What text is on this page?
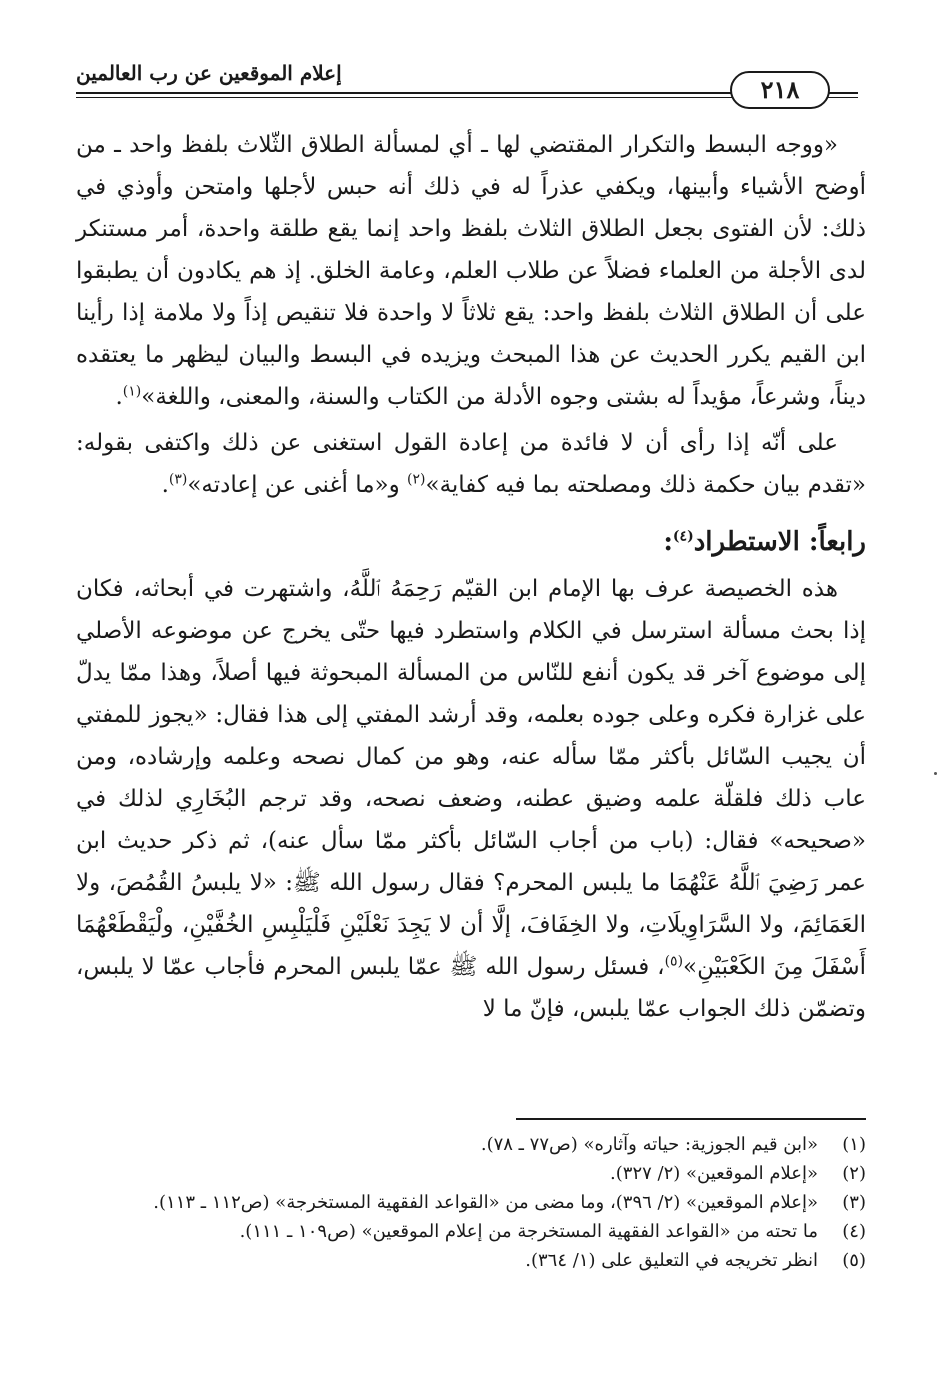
٢١٨
إعلام الموقعين عن رب العالمين

«ووجه البسط والتكرار المقتضي لها ـ أي لمسألة الطلاق الثّلاث بلفظ واحد ـ من أوضح الأشياء وأبينها، ويكفي عذراً له في ذلك أنه حبس لأجلها وامتحن وأوذي في ذلك: لأن الفتوى بجعل الطلاق الثلاث بلفظ واحد إنما يقع طلقة واحدة، أمر مستنكر لدى الأجلة من العلماء فضلاً عن طلاب العلم، وعامة الخلق. إذ هم يكادون أن يطبقوا على أن الطلاق الثلاث بلفظ واحد: يقع ثلاثاً لا واحدة فلا تنقيص إذاً ولا ملامة إذا رأينا ابن القيم يكرر الحديث عن هذا المبحث ويزيده في البسط والبيان ليظهر ما يعتقده ديناً، وشرعاً، مؤيداً له بشتى وجوه الأدلة من الكتاب والسنة، والمعنى، واللغة»$^{(١)}$.

على أنّه إذا رأى أن لا فائدة من إعادة القول استغنى عن ذلك واكتفى بقوله: «تقدم بيان حكمة ذلك ومصلحته بما فيه كفاية»$^{(٢)}$ و«ما أغنى عن إعادته»$^{(٣)}$.

رابعاً: الاستطراد$^{(٤)}$:

هذه الخصيصة عرف بها الإمام ابن القيّم رَحِمَهُ ٱللَّهُ، واشتهرت في أبحاثه، فكان إذا بحث مسألة استرسل في الكلام واستطرد فيها حتّى يخرج عن موضوعه الأصلي إلى موضوع آخر قد يكون أنفع للنّاس من المسألة المبحوثة فيها أصلاً، وهذا ممّا يدلّ على غزارة فكره وعلى جوده بعلمه، وقد أرشد المفتي إلى هذا فقال: «يجوز للمفتي أن يجيب السّائل بأكثر ممّا سأله عنه، وهو من كمال نصحه وعلمه وإرشاده، ومن عاب ذلك فلقلّة علمه وضيق عطنه، وضعف نصحه، وقد ترجم البُخَارِي لذلك في «صحيحه» فقال: (باب من أجاب السّائل بأكثر ممّا سأل عنه)، ثم ذكر حديث ابن عمر رَضِيَ ٱللَّهُ عَنْهُمَا ما يلبس المحرم؟ فقال رسول الله ﷺ: «لا يلبسُ القُمُصَ، ولا العَمَائِمَ، ولا السَّرَاوِيلَاتِ، ولا الخِفَافَ، إلَّا أن لا يَجِدَ نَعْلَيْنِ فَلْيَلْبِسِ الخُفَّيْنِ، ولْيَقْطَعْهُمَا أَسْفَلَ مِنَ الكَعْبَيْنِ»$^{(٥)}$، فسئل رسول الله ﷺ عمّا يلبس المحرم فأجاب عمّا لا يلبس، وتضمّن ذلك الجواب عمّا يلبس، فإنّ ما لا

(١)
«ابن قيم الجوزية: حياته وآثاره» (ص٧٧ ـ ٧٨).
(٢)
«إعلام الموقعين» (٢/ ٣٢٧).
(٣)
«إعلام الموقعين» (٢/ ٣٩٦)، وما مضى من «القواعد الفقهية المستخرجة» (ص١١٢ ـ ١١٣).
(٤)
ما تحته من «القواعد الفقهية المستخرجة من إعلام الموقعين» (ص١٠٩ ـ ١١١).
(٥)
انظر تخريجه في التعليق على (١/ ٣٦٤).
